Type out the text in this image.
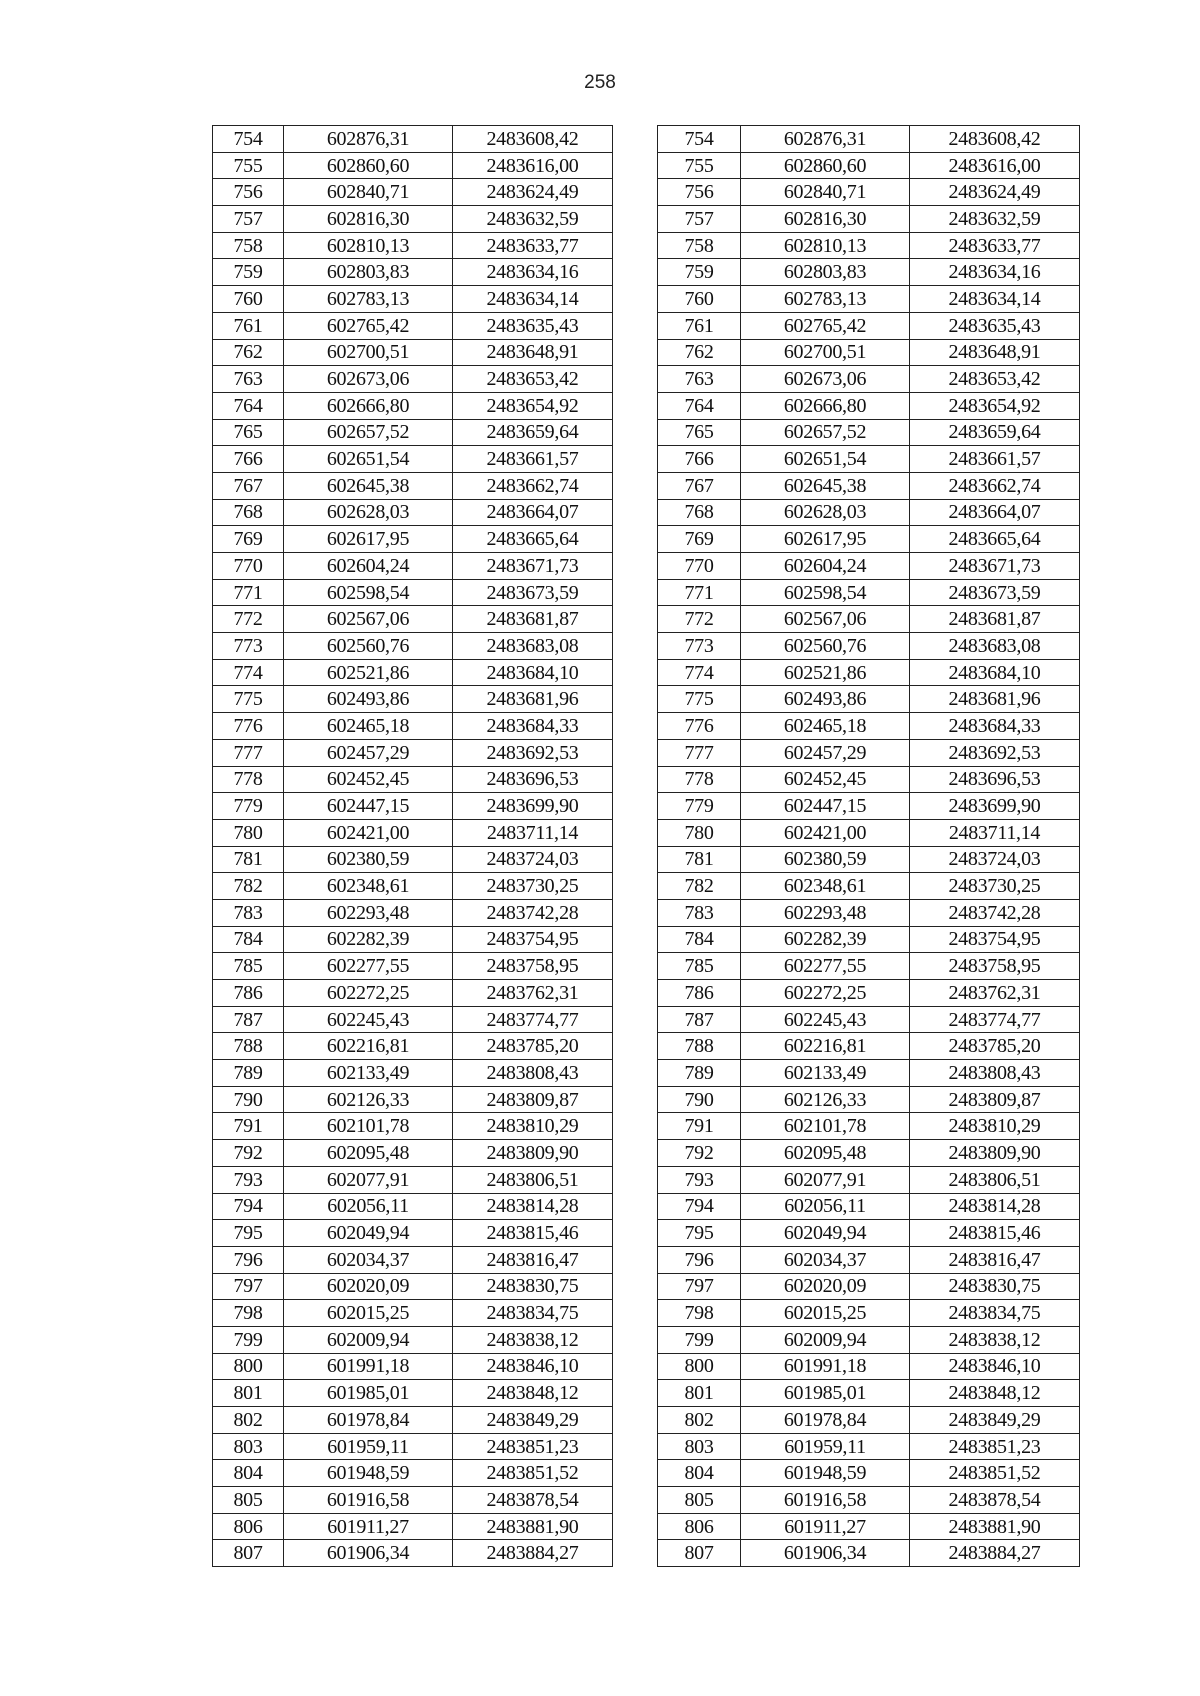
258
754	602876,31	2483608,42		754	602876,31	2483608,42
755	602860,60	2483616,00		755	602860,60	2483616,00
756	602840,71	2483624,49		756	602840,71	2483624,49
757	602816,30	2483632,59		757	602816,30	2483632,59
758	602810,13	2483633,77		758	602810,13	2483633,77
759	602803,83	2483634,16		759	602803,83	2483634,16
760	602783,13	2483634,14		760	602783,13	2483634,14
761	602765,42	2483635,43		761	602765,42	2483635,43
762	602700,51	2483648,91		762	602700,51	2483648,91
763	602673,06	2483653,42		763	602673,06	2483653,42
764	602666,80	2483654,92		764	602666,80	2483654,92
765	602657,52	2483659,64		765	602657,52	2483659,64
766	602651,54	2483661,57		766	602651,54	2483661,57
767	602645,38	2483662,74		767	602645,38	2483662,74
768	602628,03	2483664,07		768	602628,03	2483664,07
769	602617,95	2483665,64		769	602617,95	2483665,64
770	602604,24	2483671,73		770	602604,24	2483671,73
771	602598,54	2483673,59		771	602598,54	2483673,59
772	602567,06	2483681,87		772	602567,06	2483681,87
773	602560,76	2483683,08		773	602560,76	2483683,08
774	602521,86	2483684,10		774	602521,86	2483684,10
775	602493,86	2483681,96		775	602493,86	2483681,96
776	602465,18	2483684,33		776	602465,18	2483684,33
777	602457,29	2483692,53		777	602457,29	2483692,53
778	602452,45	2483696,53		778	602452,45	2483696,53
779	602447,15	2483699,90		779	602447,15	2483699,90
780	602421,00	2483711,14		780	602421,00	2483711,14
781	602380,59	2483724,03		781	602380,59	2483724,03
782	602348,61	2483730,25		782	602348,61	2483730,25
783	602293,48	2483742,28		783	602293,48	2483742,28
784	602282,39	2483754,95		784	602282,39	2483754,95
785	602277,55	2483758,95		785	602277,55	2483758,95
786	602272,25	2483762,31		786	602272,25	2483762,31
787	602245,43	2483774,77		787	602245,43	2483774,77
788	602216,81	2483785,20		788	602216,81	2483785,20
789	602133,49	2483808,43		789	602133,49	2483808,43
790	602126,33	2483809,87		790	602126,33	2483809,87
791	602101,78	2483810,29		791	602101,78	2483810,29
792	602095,48	2483809,90		792	602095,48	2483809,90
793	602077,91	2483806,51		793	602077,91	2483806,51
794	602056,11	2483814,28		794	602056,11	2483814,28
795	602049,94	2483815,46		795	602049,94	2483815,46
796	602034,37	2483816,47		796	602034,37	2483816,47
797	602020,09	2483830,75		797	602020,09	2483830,75
798	602015,25	2483834,75		798	602015,25	2483834,75
799	602009,94	2483838,12		799	602009,94	2483838,12
800	601991,18	2483846,10		800	601991,18	2483846,10
801	601985,01	2483848,12		801	601985,01	2483848,12
802	601978,84	2483849,29		802	601978,84	2483849,29
803	601959,11	2483851,23		803	601959,11	2483851,23
804	601948,59	2483851,52		804	601948,59	2483851,52
805	601916,58	2483878,54		805	601916,58	2483878,54
806	601911,27	2483881,90		806	601911,27	2483881,90
807	601906,34	2483884,27		807	601906,34	2483884,27
